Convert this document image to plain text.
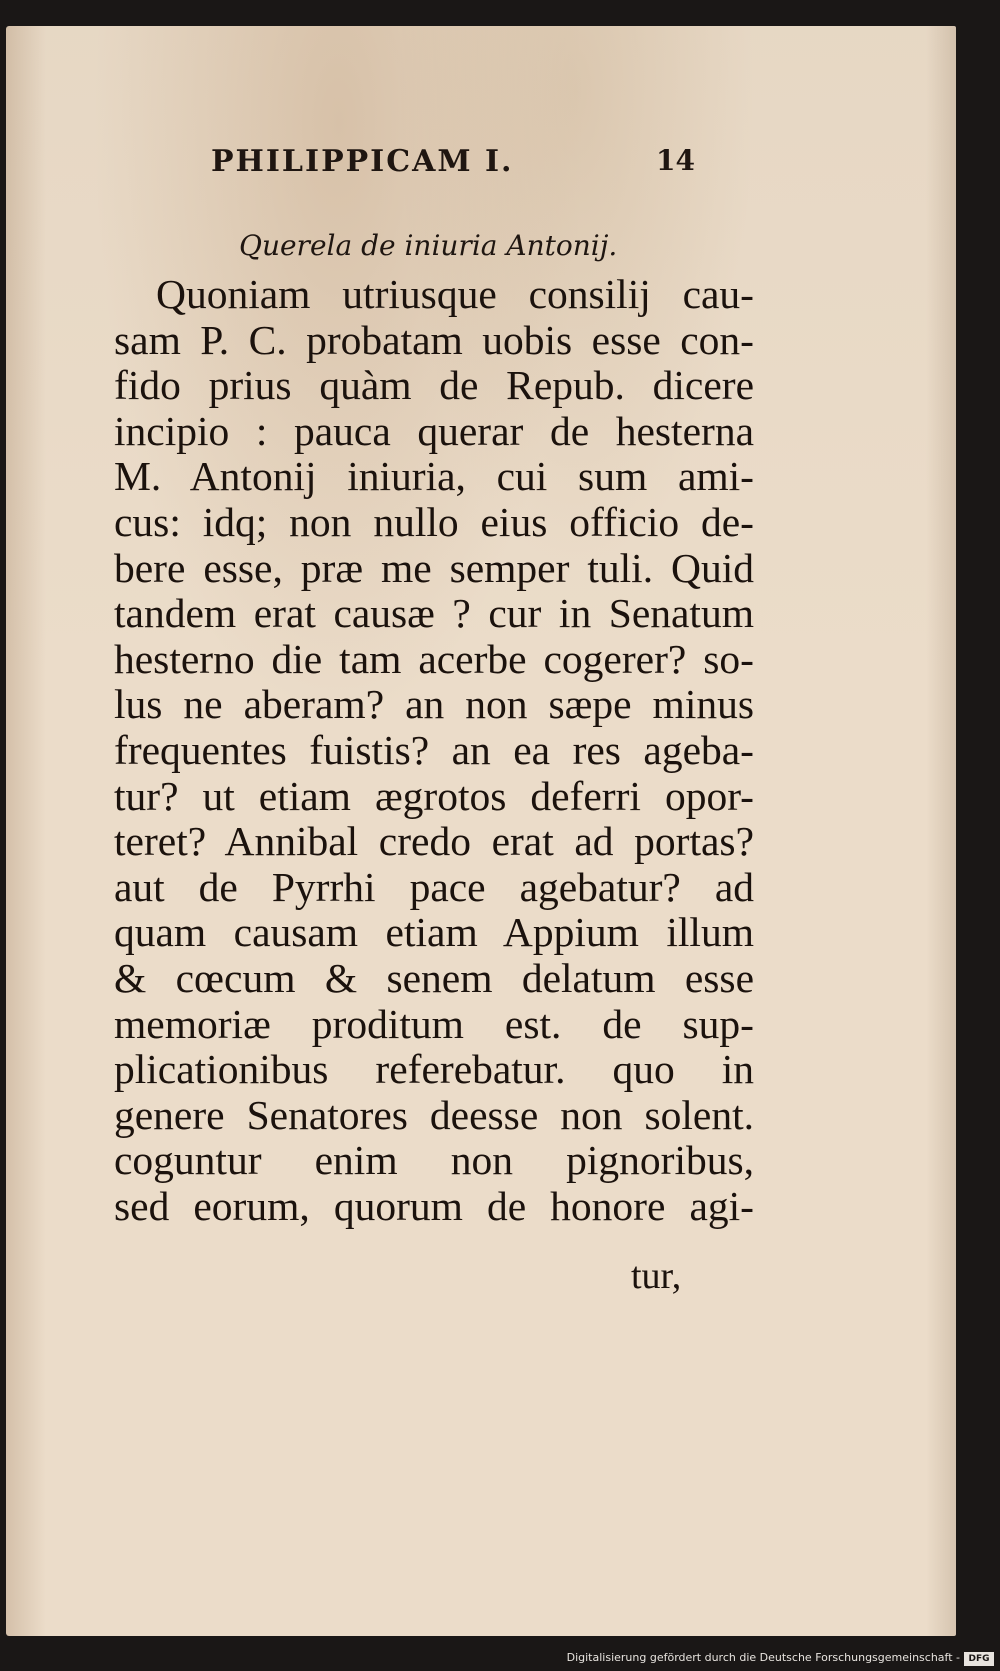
PHILIPPICAM I.	14
Querela de iniuria Antonij.
Quoniam utriusque consilij cau-
sam P. C. probatam uobis esse con-
fido prius quàm de Repub. dicere
incipio : pauca querar de hesterna
M. Antonij iniuria, cui sum ami-
cus: idq; non nullo eius officio de-
bere esse, præ me semper tuli. Quid
tandem erat causæ ? cur in Senatum
hesterno die tam acerbe cogerer? so-
lus ne aberam? an non sæpe minus
frequentes fuistis? an ea res ageba-
tur? ut etiam ægrotos deferri opor-
teret? Annibal credo erat ad portas?
aut de Pyrrhi pace agebatur? ad
quam causam etiam Appium illum
& cœcum & senem delatum esse
memoriæ proditum est. de sup-
plicationibus referebatur. quo in
genere Senatores deesse non solent.
coguntur enim non pignoribus,
sed eorum, quorum de honore agi-
tur,
Digitalisierung gefördert durch die Deutsche Forschungsgemeinschaft - DFG
